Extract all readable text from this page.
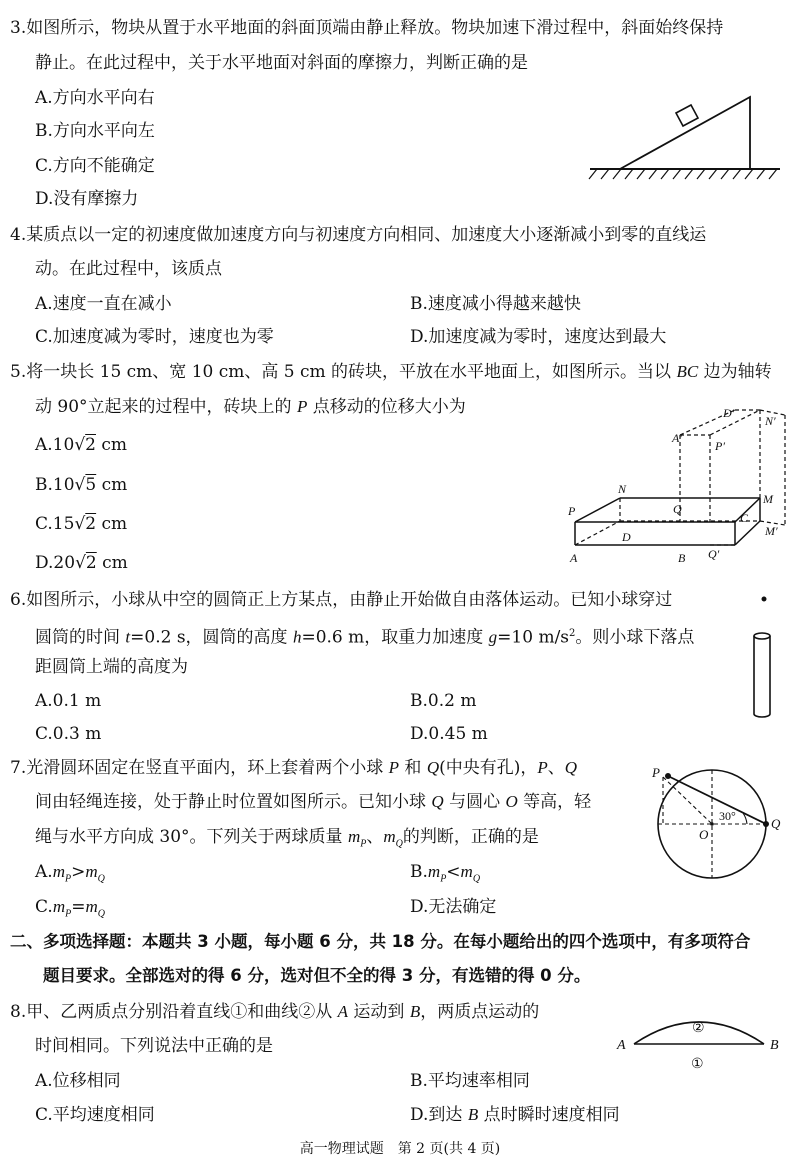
3.如图所示，物块从置于水平地面的斜面顶端由静止释放。物块加速下滑过程中，斜面始终保持
静止。在此过程中，关于水平地面对斜面的摩擦力，判断正确的是
A.方向水平向右
B.方向水平向左
C.方向不能确定
D.没有摩擦力
4.某质点以一定的初速度做加速度方向与初速度方向相同、加速度大小逐渐减小到零的直线运
动。在此过程中，该质点
A.速度一直在减小	B.速度减小得越来越快
C.加速度减为零时，速度也为零	D.加速度减为零时，速度达到最大
5.将一块长 15 cm、宽 10 cm、高 5 cm 的砖块，平放在水平地面上，如图所示。当以 BC 边为轴转
动 90°立起来的过程中，砖块上的 P 点移动的位移大小为
A.10√2 cm
B.10√5 cm
C.15√2 cm
D.20√2 cm
P
N
Q
M
C
D
A	B Q′
M′
A′
P′
D′
N′
6.如图所示，小球从中空的圆筒正上方某点，由静止开始做自由落体运动。已知小球穿过
圆筒的时间 t=0.2 s，圆筒的高度 h=0.6 m，取重力加速度 g=10 $m/s^2$。则小球下落点
距圆筒上端的高度为
A.0.1 m	B.0.2 m
C.0.3 m	D.0.45 m
7.光滑圆环固定在竖直平面内，环上套着两个小球 P 和 Q(中央有孔)，P、Q
间由轻绳连接，处于静止时位置如图所示。已知小球 Q 与圆心 O 等高，轻
绳与水平方向成 30°。下列关于两球质量 $m_P$、$m_Q$的判断，正确的是
$A.m_P>m_Q$	$B.m_P<m_Q$
$C.m_P=m_Q$	D.无法确定
P
Q
O
30°
二、多项选择题：本题共 3 小题，每小题 6 分，共 18 分。在每小题给出的四个选项中，有多项符合
题目要求。全部选对的得 6 分，选对但不全的得 3 分，有选错的得 0 分。
8.甲、乙两质点分别沿着直线①和曲线②从 A 运动到 B，两质点运动的
时间相同。下列说法中正确的是
A.位移相同	B.平均速率相同
C.平均速度相同	D.到达 B 点时瞬时速度相同
A	B
②
①
高一物理试题　第 2 页(共 4 页)
